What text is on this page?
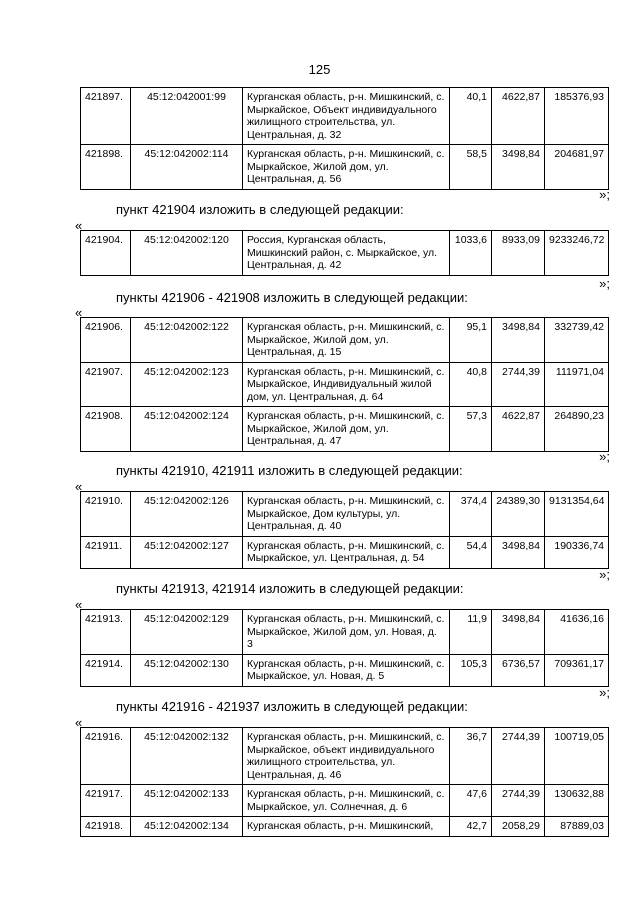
125
421897.	45:12:042001:99	Курганская область, р-н. Мишкинский, с. Мыркайское, Объект индивидуального жилищного строительства, ул. Центральная, д. 32	40,1	4622,87	185376,93
421898.	45:12:042002:114	Курганская область, р-н. Мишкинский, с. Мыркайское, Жилой дом, ул. Центральная, д. 56	58,5	3498,84	204681,97
»;
пункт 421904 изложить в следующей редакции:
«
421904.	45:12:042002:120	Россия, Курганская область, Мишкинский район, с. Мыркайское, ул. Центральная, д. 42	1033,6	8933,09	9233246,72
»;
пункты 421906 - 421908 изложить в следующей редакции:
«
421906.	45:12:042002:122	Курганская область, р-н. Мишкинский, с. Мыркайское, Жилой дом, ул. Центральная, д. 15	95,1	3498,84	332739,42
421907.	45:12:042002:123	Курганская область, р-н. Мишкинский, с. Мыркайское, Индивидуальный жилой дом, ул. Центральная, д. 64	40,8	2744,39	111971,04
421908.	45:12:042002:124	Курганская область, р-н. Мишкинский, с. Мыркайское, Жилой дом, ул. Центральная, д. 47	57,3	4622,87	264890,23
»;
пункты 421910, 421911 изложить в следующей редакции:
«
421910.	45:12:042002:126	Курганская область, р-н. Мишкинский, с. Мыркайское, Дом культуры, ул. Центральная, д. 40	374,4	24389,30	9131354,64
421911.	45:12:042002:127	Курганская область, р-н. Мишкинский, с. Мыркайское, ул. Центральная, д. 54	54,4	3498,84	190336,74
»;
пункты 421913, 421914 изложить в следующей редакции:
«
421913.	45:12:042002:129	Курганская область, р-н. Мишкинский, с. Мыркайское, Жилой дом, ул. Новая, д. 3	11,9	3498,84	41636,16
421914.	45:12:042002:130	Курганская область, р-н. Мишкинский, с. Мыркайское, ул. Новая, д. 5	105,3	6736,57	709361,17
»;
пункты 421916 - 421937 изложить в следующей редакции:
«
421916.	45:12:042002:132	Курганская область, р-н. Мишкинский, с. Мыркайское, объект индивидуального жилищного строительства, ул. Центральная, д. 46	36,7	2744,39	100719,05
421917.	45:12:042002:133	Курганская область, р-н. Мишкинский, с. Мыркайское, ул. Солнечная, д. 6	47,6	2744,39	130632,88
421918.	45:12:042002:134	Курганская область, р-н. Мишкинский,	42,7	2058,29	87889,03
